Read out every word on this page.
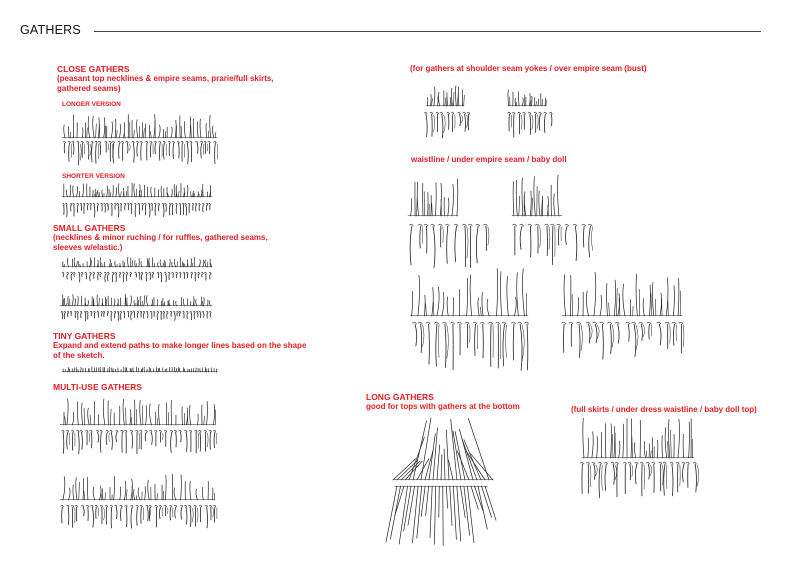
GATHERS
CLOSE GATHERS
(peasant top necklines & empire seams, prarie/full skirts,
gathered seams)
LONGER VERSION
SHORTER VERSION
SMALL GATHERS
(necklines & minor ruching / for ruffles, gathered seams,
sleeves w/elastic.)
TINY GATHERS
Expand and extend paths to make longer lines based on the shape
of the sketch.
MULTI-USE GATHERS
(for gathers at shoulder seam yokes / over empire seam (bust)
waistline / under empire seam / baby doll
LONG GATHERS
good for tops with gathers at the bottom	(full skirts / under dress waistline / baby doll top)
